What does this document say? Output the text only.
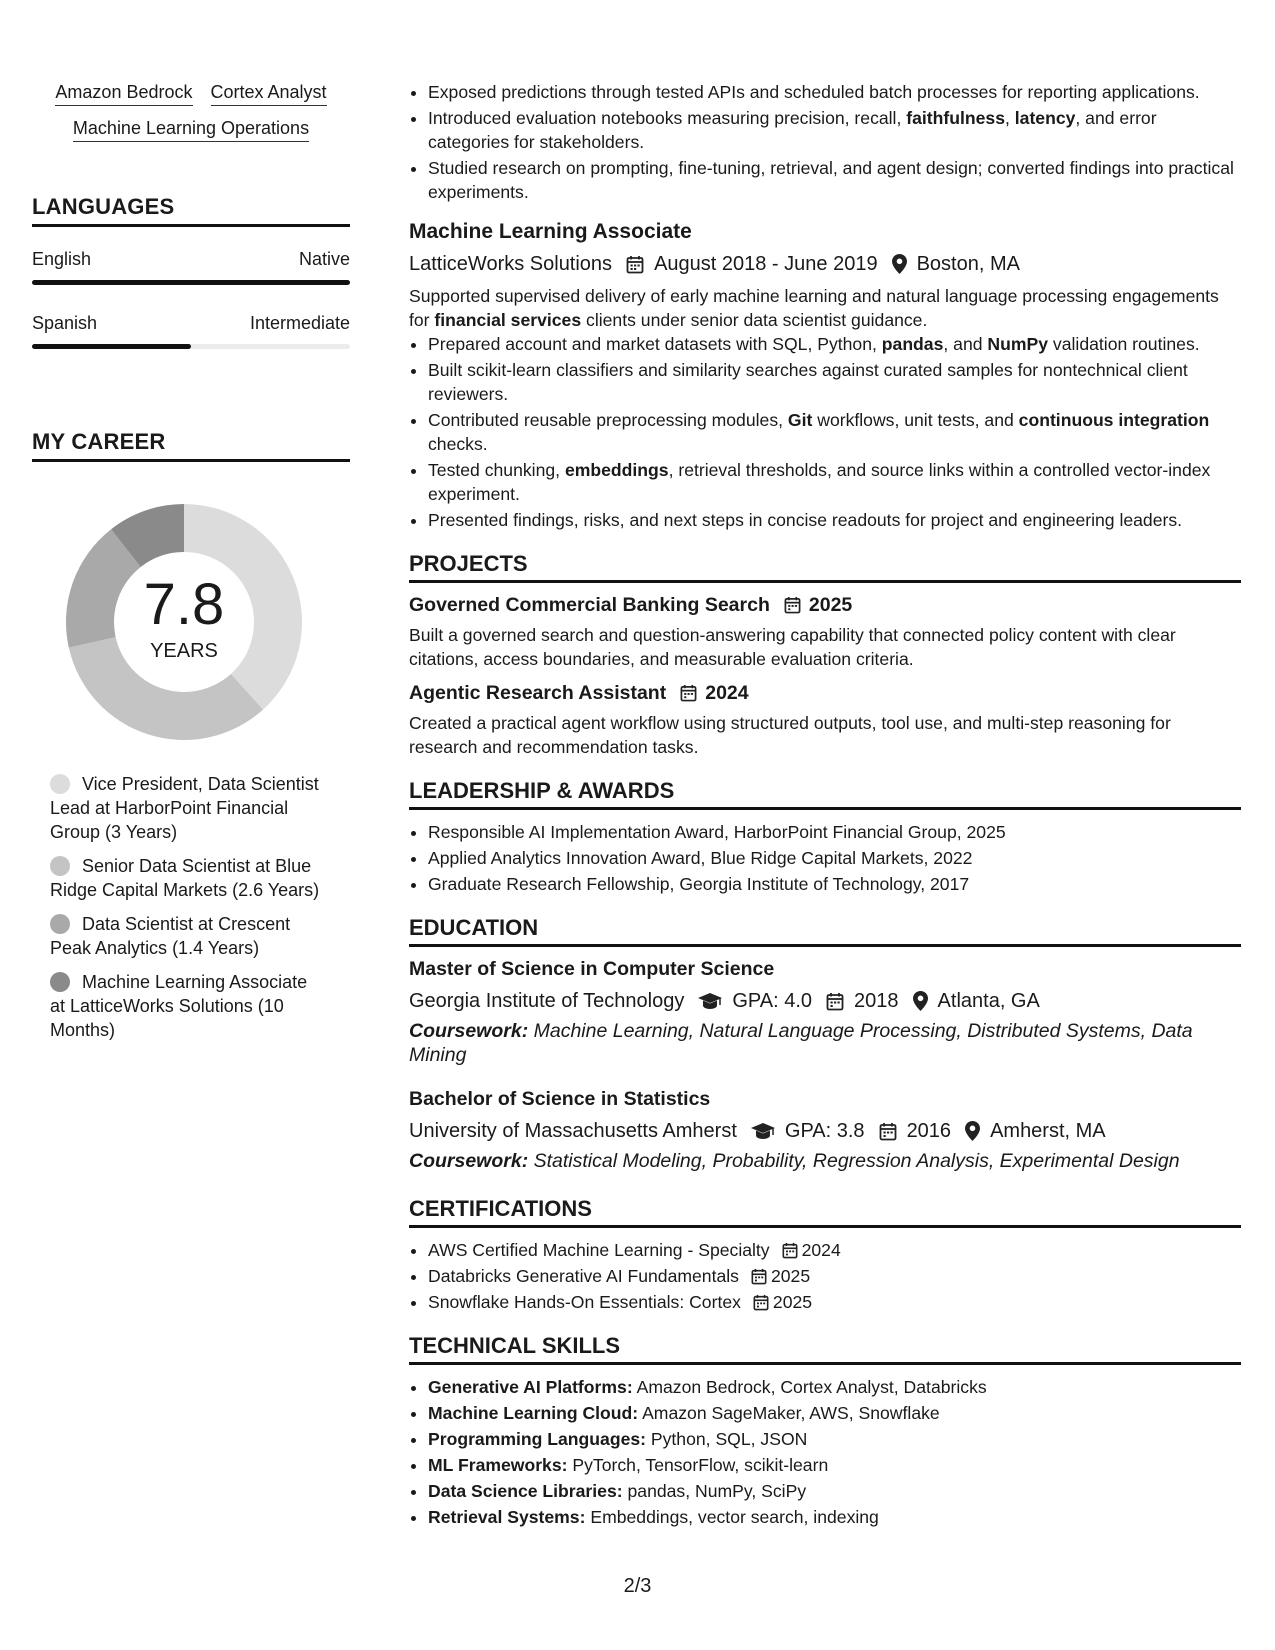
Amazon Bedrock Cortex Analyst
Machine Learning Operations
LANGUAGES
English	Native
Spanish	Intermediate
MY CAREER
7.8
YEARS
Vice President, Data Scientist Lead at HarborPoint Financial Group (3 Years)
Senior Data Scientist at Blue Ridge Capital Markets (2.6 Years)
Data Scientist at Crescent Peak Analytics (1.4 Years)
Machine Learning Associate at LatticeWorks Solutions (10 Months)
• Exposed predictions through tested APIs and scheduled batch processes for reporting applications.
• Introduced evaluation notebooks measuring precision, recall, faithfulness, latency, and error categories for stakeholders.
• Studied research on prompting, fine-tuning, retrieval, and agent design; converted findings into practical experiments.
Machine Learning Associate
LatticeWorks Solutions August 2018 - June 2019 Boston, MA
Supported supervised delivery of early machine learning and natural language processing engagements for financial services clients under senior data scientist guidance.
• Prepared account and market datasets with SQL, Python, pandas, and NumPy validation routines.
• Built scikit-learn classifiers and similarity searches against curated samples for nontechnical client reviewers.
• Contributed reusable preprocessing modules, Git workflows, unit tests, and continuous integration checks.
• Tested chunking, embeddings, retrieval thresholds, and source links within a controlled vector-index experiment.
• Presented findings, risks, and next steps in concise readouts for project and engineering leaders.
PROJECTS
Governed Commercial Banking Search 2025
Built a governed search and question-answering capability that connected policy content with clear citations, access boundaries, and measurable evaluation criteria.
Agentic Research Assistant 2024
Created a practical agent workflow using structured outputs, tool use, and multi-step reasoning for research and recommendation tasks.
LEADERSHIP & AWARDS
• Responsible AI Implementation Award, HarborPoint Financial Group, 2025
• Applied Analytics Innovation Award, Blue Ridge Capital Markets, 2022
• Graduate Research Fellowship, Georgia Institute of Technology, 2017
EDUCATION
Master of Science in Computer Science
Georgia Institute of Technology GPA: 4.0 2018 Atlanta, GA
Coursework: Machine Learning, Natural Language Processing, Distributed Systems, Data Mining
Bachelor of Science in Statistics
University of Massachusetts Amherst GPA: 3.8 2016 Amherst, MA
Coursework: Statistical Modeling, Probability, Regression Analysis, Experimental Design
CERTIFICATIONS
• AWS Certified Machine Learning - Specialty 2024
• Databricks Generative AI Fundamentals 2025
• Snowflake Hands-On Essentials: Cortex 2025
TECHNICAL SKILLS
• Generative AI Platforms: Amazon Bedrock, Cortex Analyst, Databricks
• Machine Learning Cloud: Amazon SageMaker, AWS, Snowflake
• Programming Languages: Python, SQL, JSON
• ML Frameworks: PyTorch, TensorFlow, scikit-learn
• Data Science Libraries: pandas, NumPy, SciPy
• Retrieval Systems: Embeddings, vector search, indexing
2/3
